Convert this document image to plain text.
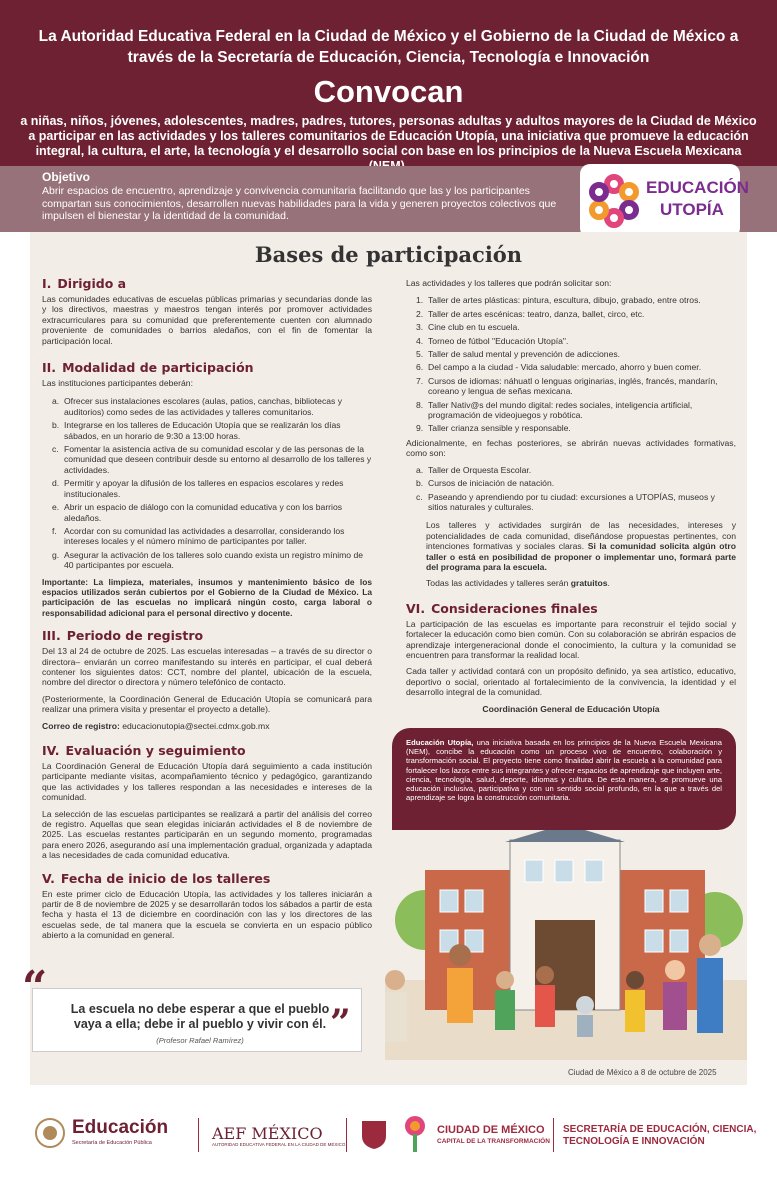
La Autoridad Educativa Federal en la Ciudad de México y el Gobierno de la Ciudad de México a través de la Secretaría de Educación, Ciencia, Tecnología e Innovación
Convocan
a niñas, niños, jóvenes, adolescentes, madres, padres, tutores, personas adultas y adultos mayores de la Ciudad de México a participar en las actividades y los talleres comunitarios de Educación Utopía, una iniciativa que promueve la educación integral, la cultura, el arte, la tecnología y el desarrollo social con base en los principios de la Nueva Escuela Mexicana
Objetivo
Abrir espacios de encuentro, aprendizaje y convivencia comunitaria facilitando que las y los participantes compartan sus conocimientos, desarrollen nuevas habilidades para la vida y generen proyectos colectivos que impulsen el bienestar y la identidad de la comunidad.
EDUCACIÓN
UTOPÍA
Bases de participación
I. Dirigido a
Las comunidades educativas de escuelas públicas primarias y secundarias donde las y los directivos, maestras y maestros tengan interés por promover actividades extracurriculares para su comunidad que preferentemente cuenten con alumnado proveniente de comunidades o barrios aledaños, con el fin de fomentar la participación local.
II. Modalidad de participación
Las instituciones participantes deberán:
a. Ofrecer sus instalaciones escolares (aulas, patios, canchas, bibliotecas y auditorios) como sedes de las actividades y talleres comunitarios.
b. Integrarse en los talleres de Educación Utopía que se realizarán los días sábados, en un horario de 9:30 a 13:00 horas.
c. Fomentar la asistencia activa de su comunidad escolar y de las personas de la comunidad que deseen contribuir desde su entorno al desarrollo de los talleres y actividades.
d. Permitir y apoyar la difusión de los talleres en espacios escolares y redes institucionales.
e. Abrir un espacio de diálogo con la comunidad educativa y con los barrios aledaños.
f. Acordar con su comunidad las actividades a desarrollar, considerando los intereses locales y el número mínimo de participantes por taller.
g. Asegurar la activación de los talleres solo cuando exista un registro mínimo de 40 participantes por escuela.
Importante: La limpieza, materiales, insumos y mantenimiento básico de los espacios utilizados serán cubiertos por el Gobierno de la Ciudad de México. La participación de las escuelas no implicará ningún costo, carga laboral o responsabilidad adicional para el personal directivo y docente.
III. Periodo de registro
Del 13 al 24 de octubre de 2025. Las escuelas interesadas – a través de su director o directora– enviarán un correo manifestando su interés en participar, el cual deberá contener los siguientes datos: CCT, nombre del plantel, ubicación de la escuela, nombre del director o directora y número telefónico de contacto.
(Posteriormente, la Coordinación General de Educación Utopía se comunicará para realizar una primera visita y presentar el proyecto a detalle).
Correo de registro: educacionutopia@sectei.cdmx.gob.mx
IV. Evaluación y seguimiento
La Coordinación General de Educación Utopía dará seguimiento a cada institución participante mediante visitas, acompañamiento técnico y pedagógico, garantizando que las actividades y los talleres respondan a las necesidades e intereses de la comunidad.
La selección de las escuelas participantes se realizará a partir del análisis del correo de registro. Aquellas que sean elegidas iniciarán actividades el 8 de noviembre de 2025. Las escuelas restantes participarán en un segundo momento, programadas para enero 2026, asegurando así una implementación gradual, organizada y adaptada a las necesidades de cada comunidad educativa.
V. Fecha de inicio de los talleres
En este primer ciclo de Educación Utopía, las actividades y los talleres iniciarán a partir de 8 de noviembre de 2025 y se desarrollarán todos los sábados a partir de esta fecha y hasta el 13 de diciembre en coordinación con las y los directores de las escuelas sede, de tal manera que la escuela se convierta en un espacio público abierto a la comunidad en general.
Las actividades y los talleres que podrán solicitar son:
1. Taller de artes plásticas: pintura, escultura, dibujo, grabado, entre otros.
2. Taller de artes escénicas: teatro, danza, ballet, circo, etc.
3. Cine club en tu escuela.
4. Torneo de fútbol "Educación Utopía".
5. Taller de salud mental y prevención de adicciones.
6. Del campo a la ciudad - Vida saludable: mercado, ahorro y buen comer.
7. Cursos de idiomas: náhuatl o lenguas originarias, inglés, francés, mandarín, coreano y lengua de señas mexicana.
8. Taller Nativ@s del mundo digital: redes sociales, inteligencia artificial, programación de videojuegos y robótica.
9. Taller crianza sensible y responsable.
Adicionalmente, en fechas posteriores, se abrirán nuevas actividades formativas, como son:
a. Taller de Orquesta Escolar.
b. Cursos de iniciación de natación.
c. Paseando y aprendiendo por tu ciudad: excursiones a UTOPÍAS, museos y sitios naturales y culturales.
Los talleres y actividades surgirán de las necesidades, intereses y potencialidades de cada comunidad, diseñándose propuestas pertinentes, con intenciones formativas y sociales claras. Si la comunidad solicita algún otro taller o está en posibilidad de proponer o implementar uno, formará parte del programa para la escuela.
Todas las actividades y talleres serán gratuitos.
VI. Consideraciones finales
La participación de las escuelas es importante para reconstruir el tejido social y fortalecer la educación como bien común. Con su colaboración se abrirán espacios de aprendizaje intergeneracional donde el conocimiento, la cultura y la comunidad se encuentren para transformar la realidad local.
Cada taller y actividad contará con un propósito definido, ya sea artístico, educativo, deportivo o social, orientado al fortalecimiento de la convivencia, la identidad y el desarrollo integral de la comunidad.
Coordinación General de Educación Utopía
Educación Utopía, una iniciativa basada en los principios de la Nueva Escuela Mexicana (NEM), concibe la educación como un proceso vivo de encuentro, colaboración y transformación social. El proyecto tiene como finalidad abrir la escuela a la comunidad para fortalecer los lazos entre sus integrantes y ofrecer espacios de aprendizaje que incluyen arte, ciencia, tecnología, salud, deporte, idiomas y cultura. De esta manera, se promueve una educación inclusiva, participativa y con un sentido social profundo, en la que a través del aprendizaje se logra la construcción comunitaria.
“
”
La escuela no debe esperar a que el pueblo vaya a ella; debe ir al pueblo y vivir con él.
(Profesor Rafael Ramírez)
Ciudad de México a 8 de octubre de 2025
Educación
Secretaría de Educación Pública	AEF MÉXICO
AUTORIDAD EDUCATIVA FEDERAL EN LA CIUDAD DE MÉXICO
CIUDAD DE MÉXICO
CAPITAL DE LA TRANSFORMACIÓN
SECRETARÍA DE EDUCACIÓN, CIENCIA,
TECNOLOGÍA E INNOVACIÓN
